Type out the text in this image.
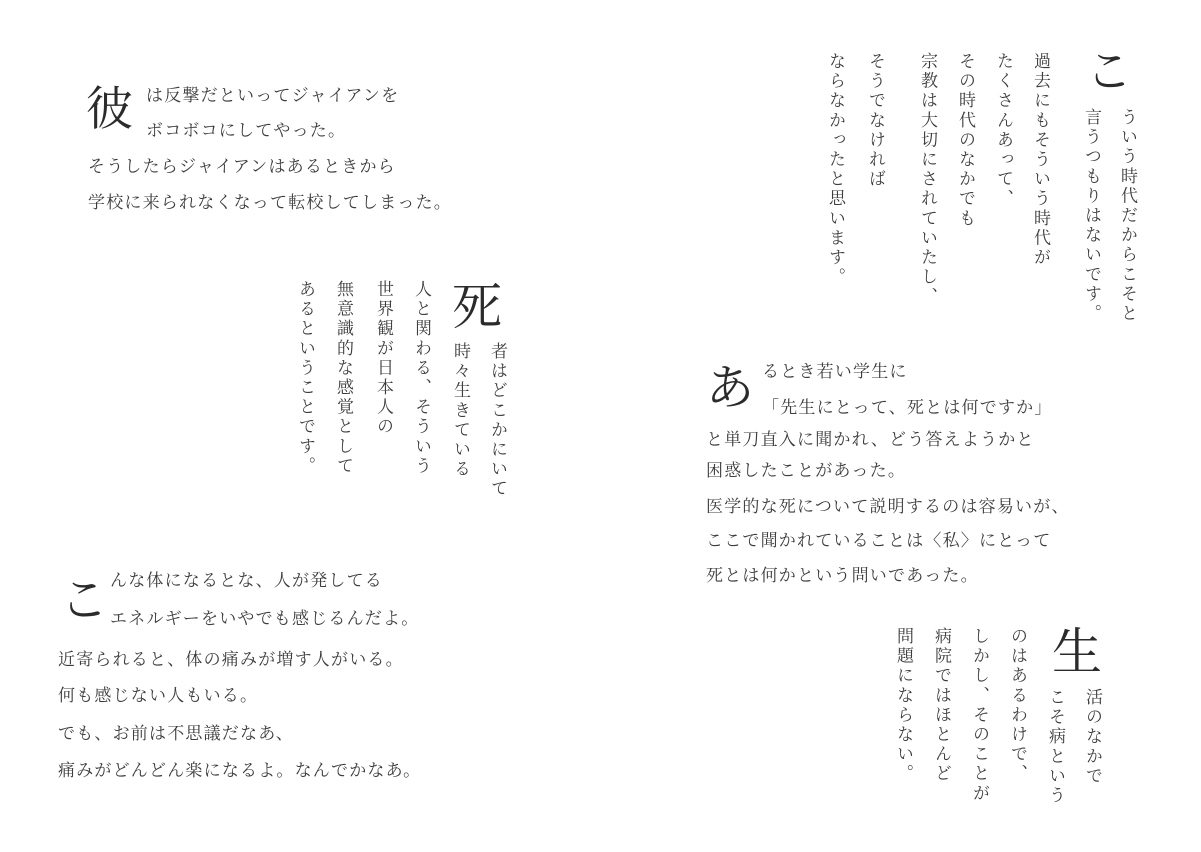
彼 は反撃だといってジャイアンを
ボコボコにしてやった。
そうしたらジャイアンはあるときから
学校に来られなくなって転校してしまった。
死
者はどこかにいて
時々生きている
人と関わる、そういう
世界観が日本人の
無意識的な感覚として
あるということです。
こ んな体になるとな、人が発してる
エネルギーをいやでも感じるんだよ。
近寄られると、体の痛みが増す人がいる。
何も感じない人もいる。
でも、お前は不思議だなあ、
痛みがどんどん楽になるよ。なんでかなあ。
こ
ういう時代だからこそと
言うつもりはないです。
過去にもそういう時代が
たくさんあって、
その時代のなかでも
宗教は大切にされていたし、
そうでなければ
ならなかったと思います。
あ るとき若い学生に
「先生にとって、死とは何ですか」
と単刀直入に聞かれ、どう答えようかと
困惑したことがあった。
医学的な死について説明するのは容易いが、
ここで聞かれていることは〈私〉にとって
死とは何かという問いであった。
生
活のなかで
こそ病という
のはあるわけで、
しかし、そのことが
病院ではほとんど
問題にならない。
